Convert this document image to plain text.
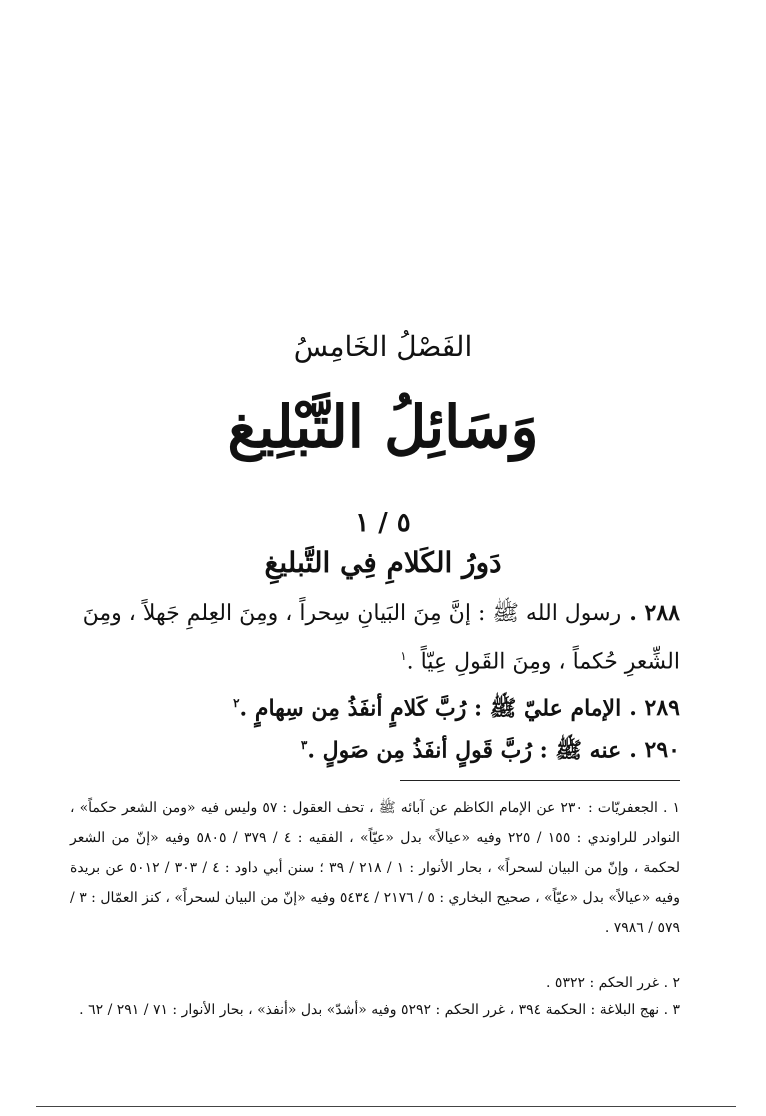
الفَصْلُ الخَامِسُ
وَسَائِلُ التَّبْلِيغ
٥ / ١
دَورُ الكَلامِ فِي التَّبليغِ
٢٨٨ .رسول الله ﷺ : إنَّ مِنَ البَيانِ سِحراً ، ومِنَ العِلمِ جَهلاً ، ومِنَ الشِّعرِ حُكماً ، ومِنَ القَولِ عِيّاً .$^١$
٢٨٩ .الإمام عليّ ﷺ : رُبَّ كَلامٍ أنفَذُ مِن سِهامٍ .$^٢$
٢٩٠ .عنه ﷺ : رُبَّ قَولٍ أنفَذُ مِن صَولٍ .$^٣$
١ . الجعفريّات : ٢٣٠ عن الإمام الكاظم عن آبائه ﷺ ، تحف العقول : ٥٧ وليس فيه «ومن الشعر حكماً» ، النوادر للراوندي : ١٥٥ / ٢٢٥ وفيه «عيالاً» بدل «عيّاً» ، الفقيه : ٤ / ٣٧٩ / ٥٨٠٥ وفيه «إنّ من الشعر لحكمة ، وإنّ من البيان لسحراً» ، بحار الأنوار : ١ / ٢١٨ / ٣٩ ؛ سنن أبي داود : ٤ / ٣٠٣ / ٥٠١٢ عن بريدة وفيه «عيالاً» بدل «عيّاً» ، صحيح البخاري : ٥ / ٢١٧٦ / ٥٤٣٤ وفيه «إنّ من البيان لسحراً» ، كنز العمّال : ٣ / ٥٧٩ / ٧٩٨٦ .
٢ . غرر الحكم : ٥٣٢٢ .
٣ . نهج البلاغة : الحكمة ٣٩٤ ، غرر الحكم : ٥٢٩٢ وفيه «أشدّ» بدل «أنفذ» ، بحار الأنوار : ٧١ / ٢٩١ / ٦٢ .
